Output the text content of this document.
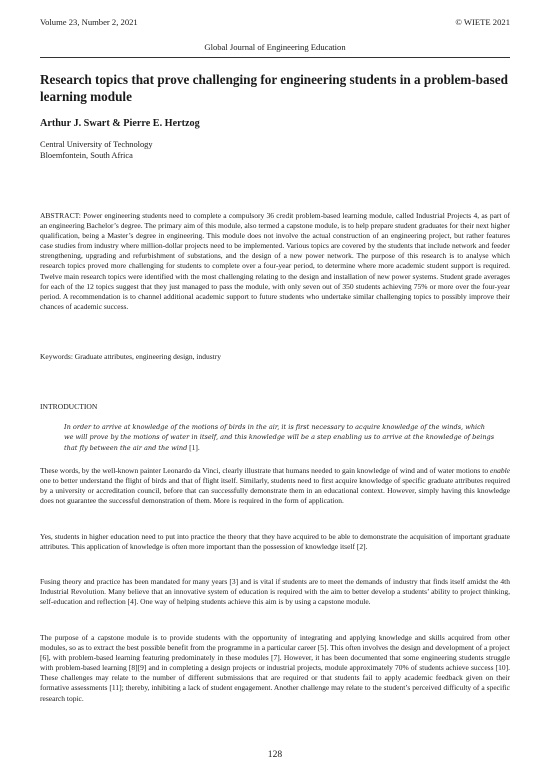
Volume 23, Number 2, 2021	© WIETE 2021
Global Journal of Engineering Education
Research topics that prove challenging for engineering students in a problem-based learning module
Arthur J. Swart & Pierre E. Hertzog
Central University of Technology
Bloemfontein, South Africa

ABSTRACT: Power engineering students need to complete a compulsory 36 credit problem-based learning module, called Industrial Projects 4, as part of an engineering Bachelor’s degree. The primary aim of this module, also termed a capstone module, is to help prepare student graduates for their next higher qualification, being a Master’s degree in engineering. This module does not involve the actual construction of an engineering project, but rather features case studies from industry where million-dollar projects need to be implemented. Various topics are covered by the students that include network and feeder strengthening, upgrading and refurbishment of substations, and the design of a new power network. The purpose of this research is to analyse which research topics proved more challenging for students to complete over a four-year period, to determine where more academic student support is required. Twelve main research topics were identified with the most challenging relating to the design and installation of new power systems. Student grade averages for each of the 12 topics suggest that they just managed to pass the module, with only seven out of 350 students achieving 75% or more over the four-year period. A recommendation is to channel additional academic support to future students who undertake similar challenging topics to possibly improve their chances of academic success.

Keywords: Graduate attributes, engineering design, industry

INTRODUCTION

In order to arrive at knowledge of the motions of birds in the air, it is first necessary to acquire knowledge of the winds, which we will prove by the motions of water in itself, and this knowledge will be a step enabling us to arrive at the knowledge of beings that fly between the air and the wind [1].

These words, by the well-known painter Leonardo da Vinci, clearly illustrate that humans needed to gain knowledge of wind and of water motions to enable one to better understand the flight of birds and that of flight itself. Similarly, students need to first acquire knowledge of specific graduate attributes required by a university or accreditation council, before that can successfully demonstrate them in an educational context. However, simply having this knowledge does not guarantee the successful demonstration of them. More is required in the form of application.

Yes, students in higher education need to put into practice the theory that they have acquired to be able to demonstrate the acquisition of important graduate attributes. This application of knowledge is often more important than the possession of knowledge itself [2].

Fusing theory and practice has been mandated for many years [3] and is vital if students are to meet the demands of industry that finds itself amidst the 4th Industrial Revolution. Many believe that an innovative system of education is required with the aim to better develop a students’ ability to project thinking, self-education and reflection [4]. One way of helping students achieve this aim is by using a capstone module.

The purpose of a capstone module is to provide students with the opportunity of integrating and applying knowledge and skills acquired from other modules, so as to extract the best possible benefit from the programme in a particular career [5]. This often involves the design and development of a project [6], with problem-based learning featuring predominately in these modules [7]. However, it has been documented that some engineering students struggle with problem-based learning [8][9] and in completing a design projects or industrial projects, module approximately 70% of students achieve success [10]. These challenges may relate to the number of different submissions that are required or that students fail to apply academic feedback given on their formative assessments [11]; thereby, inhibiting a lack of student engagement. Another challenge may relate to the student’s perceived difficulty of a specific research topic.

128
